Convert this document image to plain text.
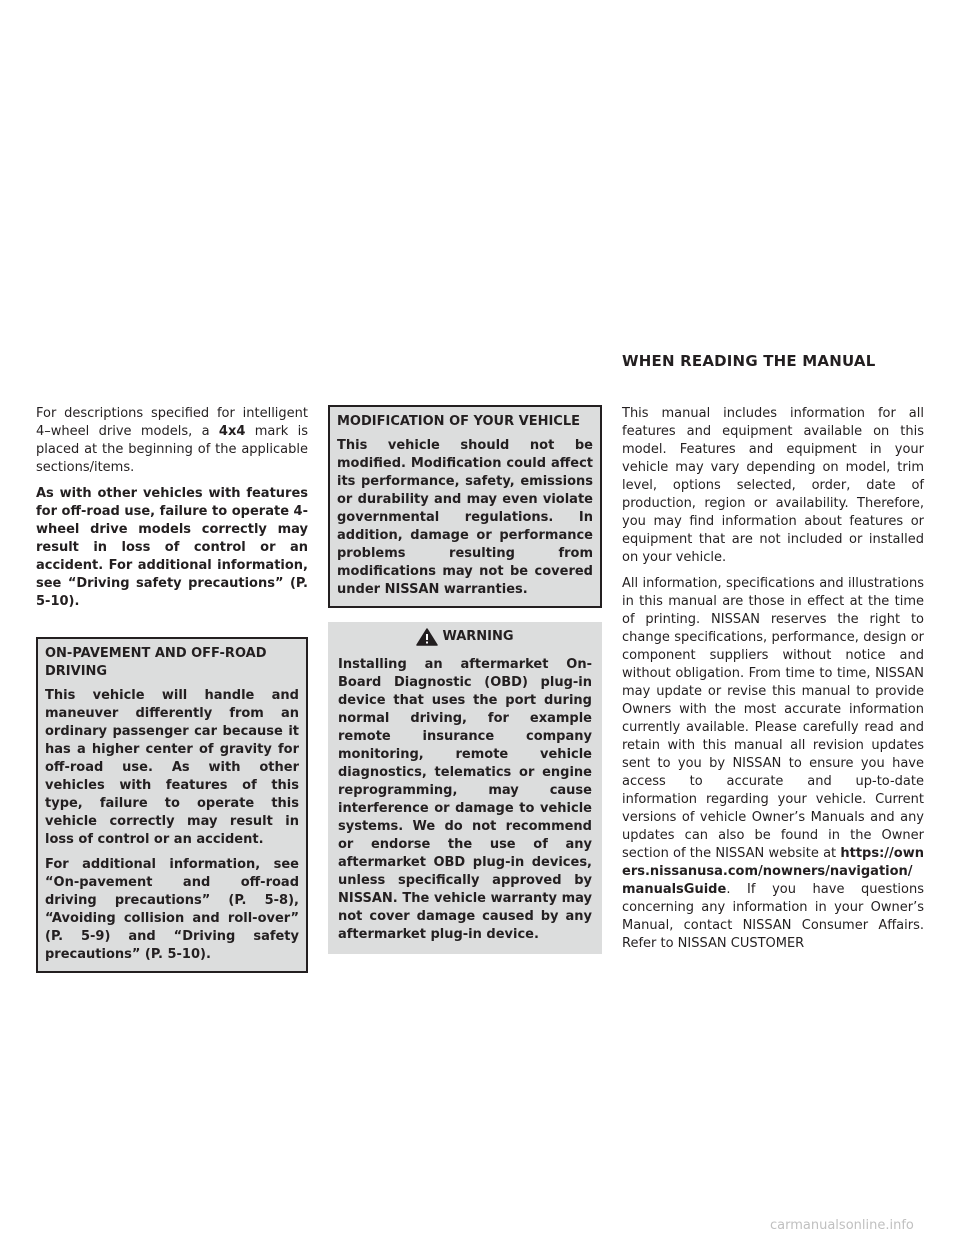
For descriptions specified for intelligent 4–wheel drive models, a 4x4 mark is placed at the beginning of the applicable sections/items.

As with other vehicles with features for off-road use, failure to operate 4-wheel drive models correctly may result in loss of control or an accident. For additional information, see “Driving safety precautions” (P. 5-10).

ON-PAVEMENT AND OFF-ROAD DRIVING

This vehicle will handle and maneuver differently from an ordinary passenger car because it has a higher center of gravity for off-road use. As with other vehicles with features of this type, failure to operate this vehicle correctly may result in loss of control or an accident.

For additional information, see “On-pavement and off-road driving precautions” (P. 5-8), “Avoiding collision and roll-over” (P. 5-9) and “Driving safety precautions” (P. 5-10).

MODIFICATION OF YOUR VEHICLE

This vehicle should not be modified. Modification could affect its performance, safety, emissions or durability and may even violate governmental regulations. In addition, damage or performance problems resulting from modifications may not be covered under NISSAN warranties.

WARNING

Installing an aftermarket On-Board Diagnostic (OBD) plug-in device that uses the port during normal driving, for example remote insurance company monitoring, remote vehicle diagnostics, telematics or engine reprogramming, may cause interference or damage to vehicle systems. We do not recommend or endorse the use of any aftermarket OBD plug-in devices, unless specifically approved by NISSAN. The vehicle warranty may not cover damage caused by any aftermarket plug-in device.

WHEN READING THE MANUAL

This manual includes information for all features and equipment available on this model. Features and equipment in your vehicle may vary depending on model, trim level, options selected, order, date of production, region or availability. Therefore, you may find information about features or equipment that are not included or installed on your vehicle.

All information, specifications and illustrations in this manual are those in effect at the time of printing. NISSAN reserves the right to change specifications, performance, design or component suppliers without notice and without obligation. From time to time, NISSAN may update or revise this manual to provide Owners with the most accurate information currently available. Please carefully read and retain with this manual all revision updates sent to you by NISSAN to ensure you have access to accurate and up-to-date information regarding your vehicle. Current versions of vehicle Owner’s Manuals and any updates can also be found in the Owner section of the NISSAN website at https://owners.nissanusa.com/nowners/navigation/manualsGuide. If you have questions concerning any information in your Owner’s Manual, contact NISSAN Consumer Affairs. Refer to NISSAN CUSTOMER

carmanualsonline.info
